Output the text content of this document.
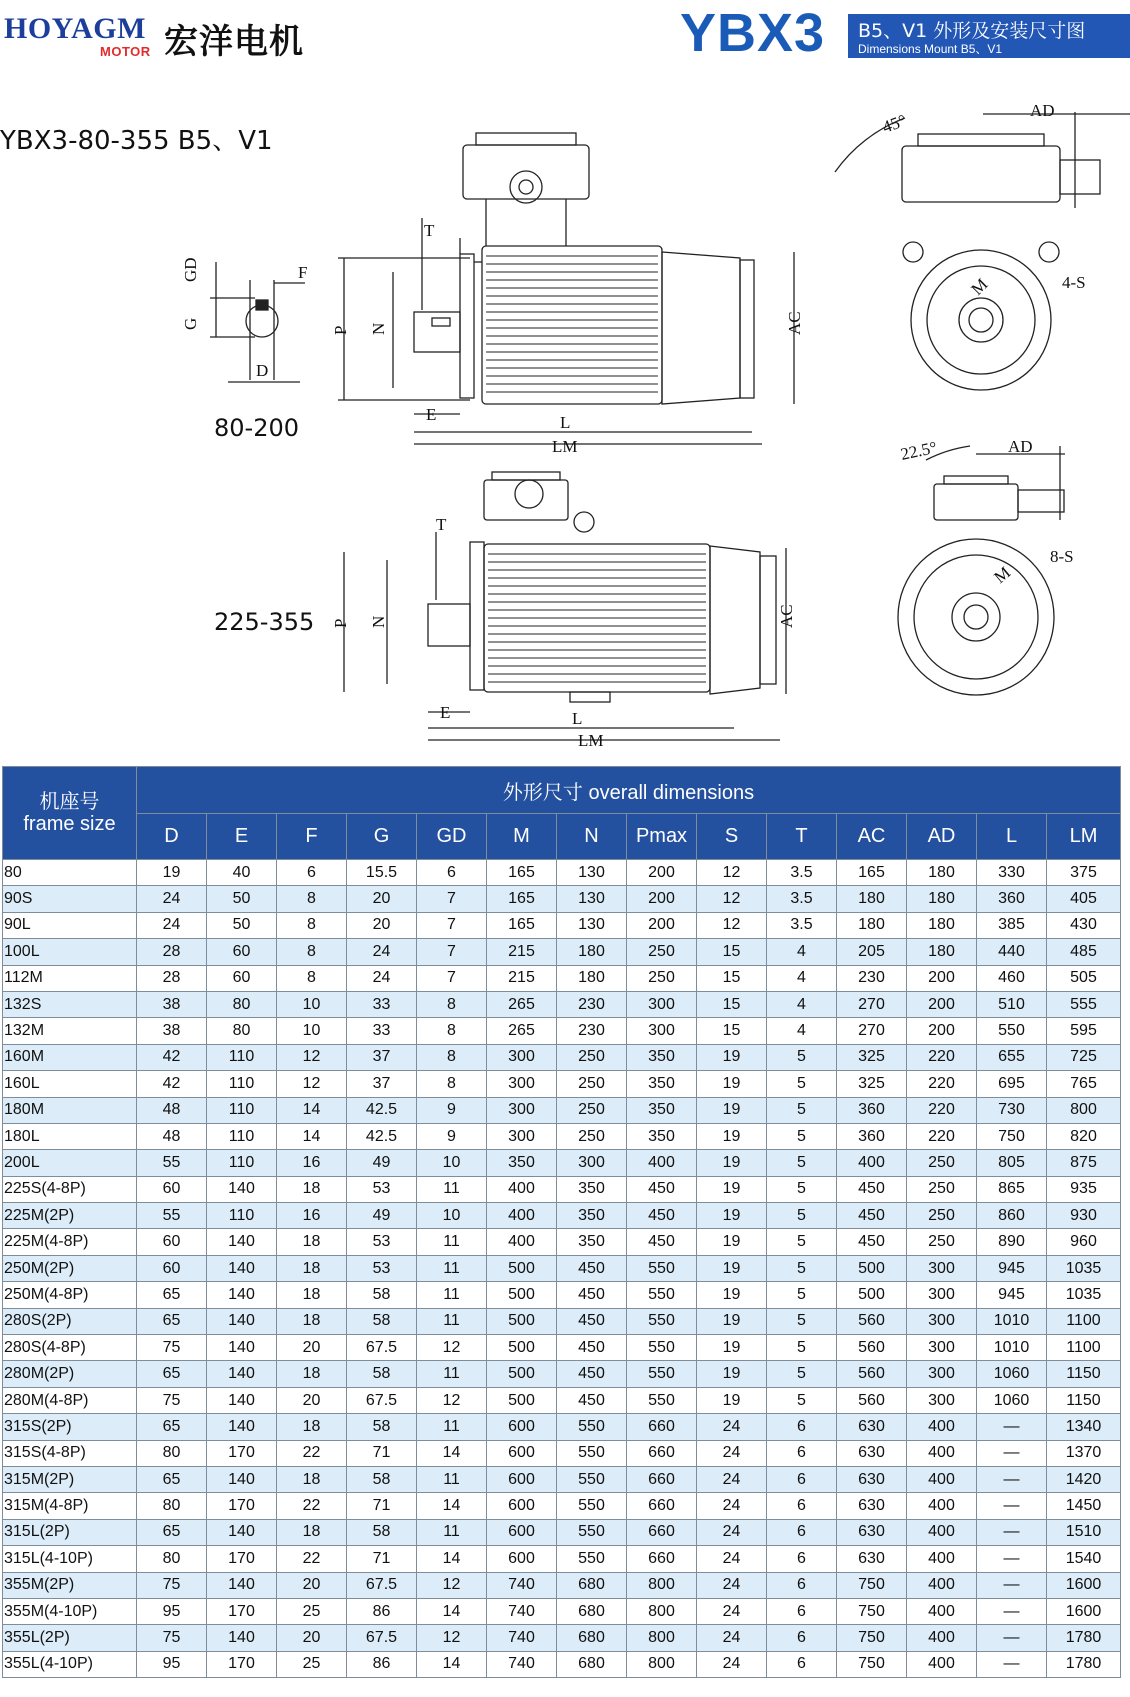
HOYAGM
MOTOR 宏洋电机	YBX3 B5、V1 外形及安装尺寸图
Dimensions Mount B5、V1
YBX3-80-355 B5、V1
80-200
225-355
GD	F
G
D
T
P N
E	L
LM
AC
45°
AD
4-S
M
T
P N
E	L
LM
AC
22.5°	AD
8-S
M
机座号
frame size	外形尺寸 overall dimensions													
	D	E	F	G	GD	M	N	Pmax	S	T	AC	AD	L	LM
80	19	40	6	15.5	6	165	130	200	12	3.5	165	180	330	375
90S	24	50	8	20	7	165	130	200	12	3.5	180	180	360	405
90L	24	50	8	20	7	165	130	200	12	3.5	180	180	385	430
100L	28	60	8	24	7	215	180	250	15	4	205	180	440	485
112M	28	60	8	24	7	215	180	250	15	4	230	200	460	505
132S	38	80	10	33	8	265	230	300	15	4	270	200	510	555
132M	38	80	10	33	8	265	230	300	15	4	270	200	550	595
160M	42	110	12	37	8	300	250	350	19	5	325	220	655	725
160L	42	110	12	37	8	300	250	350	19	5	325	220	695	765
180M	48	110	14	42.5	9	300	250	350	19	5	360	220	730	800
180L	48	110	14	42.5	9	300	250	350	19	5	360	220	750	820
200L	55	110	16	49	10	350	300	400	19	5	400	250	805	875
225S(4-8P)	60	140	18	53	11	400	350	450	19	5	450	250	865	935
225M(2P)	55	110	16	49	10	400	350	450	19	5	450	250	860	930
225M(4-8P)	60	140	18	53	11	400	350	450	19	5	450	250	890	960
250M(2P)	60	140	18	53	11	500	450	550	19	5	500	300	945	1035
250M(4-8P)	65	140	18	58	11	500	450	550	19	5	500	300	945	1035
280S(2P)	65	140	18	58	11	500	450	550	19	5	560	300	1010	1100
280S(4-8P)	75	140	20	67.5	12	500	450	550	19	5	560	300	1010	1100
280M(2P)	65	140	18	58	11	500	450	550	19	5	560	300	1060	1150
280M(4-8P)	75	140	20	67.5	12	500	450	550	19	5	560	300	1060	1150
315S(2P)	65	140	18	58	11	600	550	660	24	6	630	400	—	1340
315S(4-8P)	80	170	22	71	14	600	550	660	24	6	630	400	—	1370
315M(2P)	65	140	18	58	11	600	550	660	24	6	630	400	—	1420
315M(4-8P)	80	170	22	71	14	600	550	660	24	6	630	400	—	1450
315L(2P)	65	140	18	58	11	600	550	660	24	6	630	400	—	1510
315L(4-10P)	80	170	22	71	14	600	550	660	24	6	630	400	—	1540
355M(2P)	75	140	20	67.5	12	740	680	800	24	6	750	400	—	1600
355M(4-10P)	95	170	25	86	14	740	680	800	24	6	750	400	—	1600
355L(2P)	75	140	20	67.5	12	740	680	800	24	6	750	400	—	1780
355L(4-10P)	95	170	25	86	14	740	680	800	24	6	750	400	—	1780
